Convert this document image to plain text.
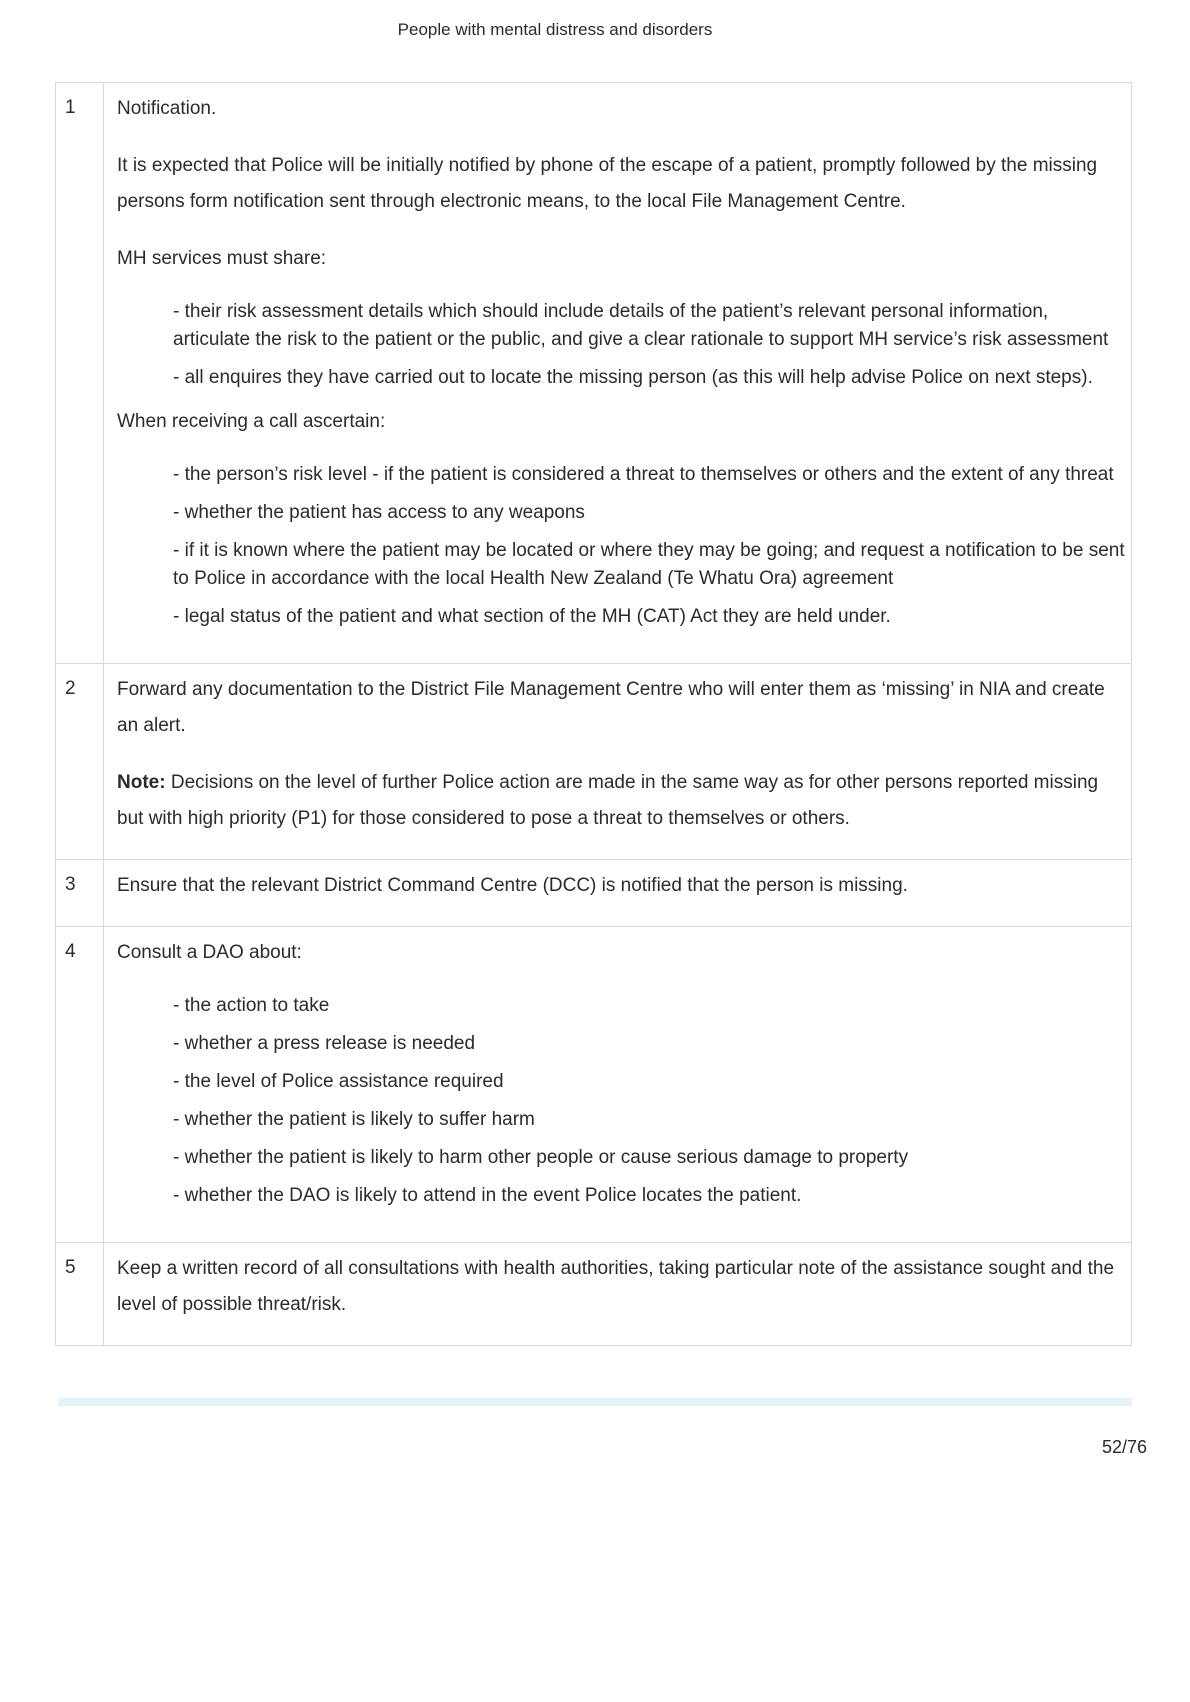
People with mental distress and disorders
1	Notification.

It is expected that Police will be initially notified by phone of the escape of a patient, promptly followed by the missing persons form notification sent through electronic means, to the local File Management Centre.

MH services must share:

- their risk assessment details which should include details of the patient’s relevant personal information, articulate the risk to the patient or the public, and give a clear rationale to support MH service’s risk assessment
- all enquires they have carried out to locate the missing person (as this will help advise Police on next steps).

When receiving a call ascertain:

- the person’s risk level - if the patient is considered a threat to themselves or others and the extent of any threat
- whether the patient has access to any weapons
- if it is known where the patient may be located or where they may be going; and request a notification to be sent to Police in accordance with the local Health New Zealand (Te Whatu Ora) agreement
- legal status of the patient and what section of the MH (CAT) Act they are held under.

2	Forward any documentation to the District File Management Centre who will enter them as ‘missing’ in NIA and create an alert.

Note: Decisions on the level of further Police action are made in the same way as for other persons reported missing but with high priority (P1) for those considered to pose a threat to themselves or others.

3	Ensure that the relevant District Command Centre (DCC) is notified that the person is missing.

4	Consult a DAO about:

- the action to take
- whether a press release is needed
- the level of Police assistance required
- whether the patient is likely to suffer harm
- whether the patient is likely to harm other people or cause serious damage to property
- whether the DAO is likely to attend in the event Police locates the patient.

5	Keep a written record of all consultations with health authorities, taking particular note of the assistance sought and the level of possible threat/risk.

52/76
